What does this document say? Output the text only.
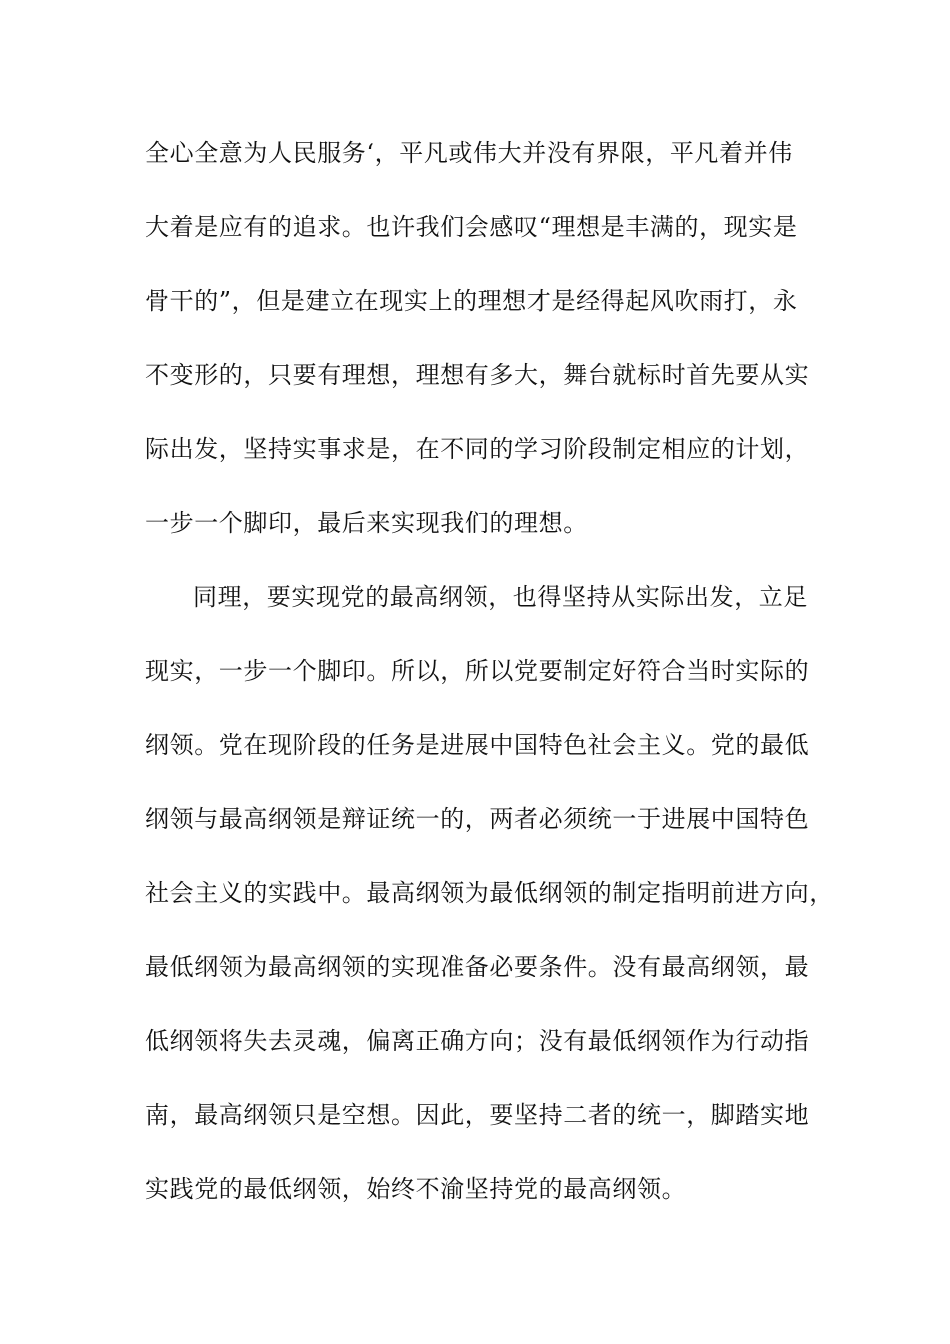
全心全意为人民服务‘，平凡或伟大并没有界限，平凡着并伟
大着是应有的追求。也许我们会感叹“理想是丰满的，现实是
骨干的”，但是建立在现实上的理想才是经得起风吹雨打，永
不变形的，只要有理想，理想有多大，舞台就标时首先要从实
际出发，坚持实事求是，在不同的学习阶段制定相应的计划，
一步一个脚印，最后来实现我们的理想。
同理，要实现党的最高纲领，也得坚持从实际出发，立足
现实，一步一个脚印。所以，所以党要制定好符合当时实际的
纲领。党在现阶段的任务是进展中国特色社会主义。党的最低
纲领与最高纲领是辩证统一的，两者必须统一于进展中国特色
社会主义的实践中。最高纲领为最低纲领的制定指明前进方向，
最低纲领为最高纲领的实现准备必要条件。没有最高纲领，最
低纲领将失去灵魂，偏离正确方向；没有最低纲领作为行动指
南，最高纲领只是空想。因此，要坚持二者的统一，脚踏实地
实践党的最低纲领，始终不渝坚持党的最高纲领。
